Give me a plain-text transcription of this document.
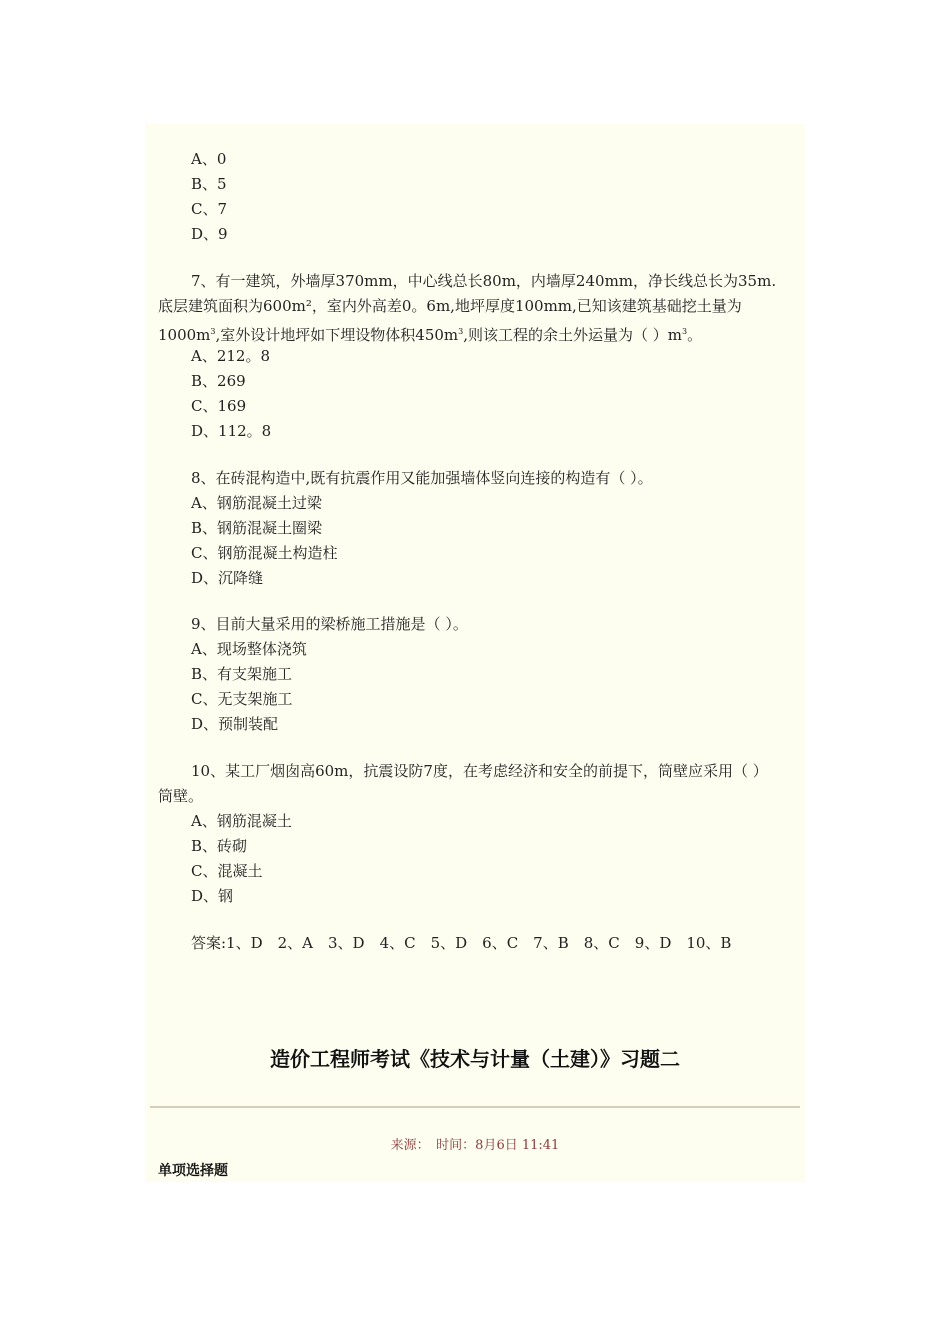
A、0
B、5
C、7
D、9
7、有一建筑，外墙厚370mm，中心线总长80m，内墙厚240mm，净长线总长为35m.底层建筑面积为600m²，室内外高差0。6m,地坪厚度100mm,已知该建筑基础挖土量为$1000m^3$,室外设计地坪如下埋设物体积$450m^3$,则该工程的余土外运量为（ ）$m^3$。
A、212。8
B、269
C、169
D、112。8
8、在砖混构造中,既有抗震作用又能加强墙体竖向连接的构造有（ ）。
A、钢筋混凝土过梁
B、钢筋混凝土圈梁
C、钢筋混凝土构造柱
D、沉降缝
9、目前大量采用的梁桥施工措施是（ ）。
A、现场整体浇筑
B、有支架施工
C、无支架施工
D、预制装配
10、某工厂烟囱高60m，抗震设防7度，在考虑经济和安全的前提下，筒壁应采用（ ）筒壁。
A、钢筋混凝土
B、砖砌
C、混凝土
D、钢
答案:1、D　2、A　3、D　4、C　5、D　6、C　7、B　8、C　9、D　10、B
造价工程师考试《技术与计量（土建）》习题二
来源：　时间：8月6日 11:41
单项选择题
